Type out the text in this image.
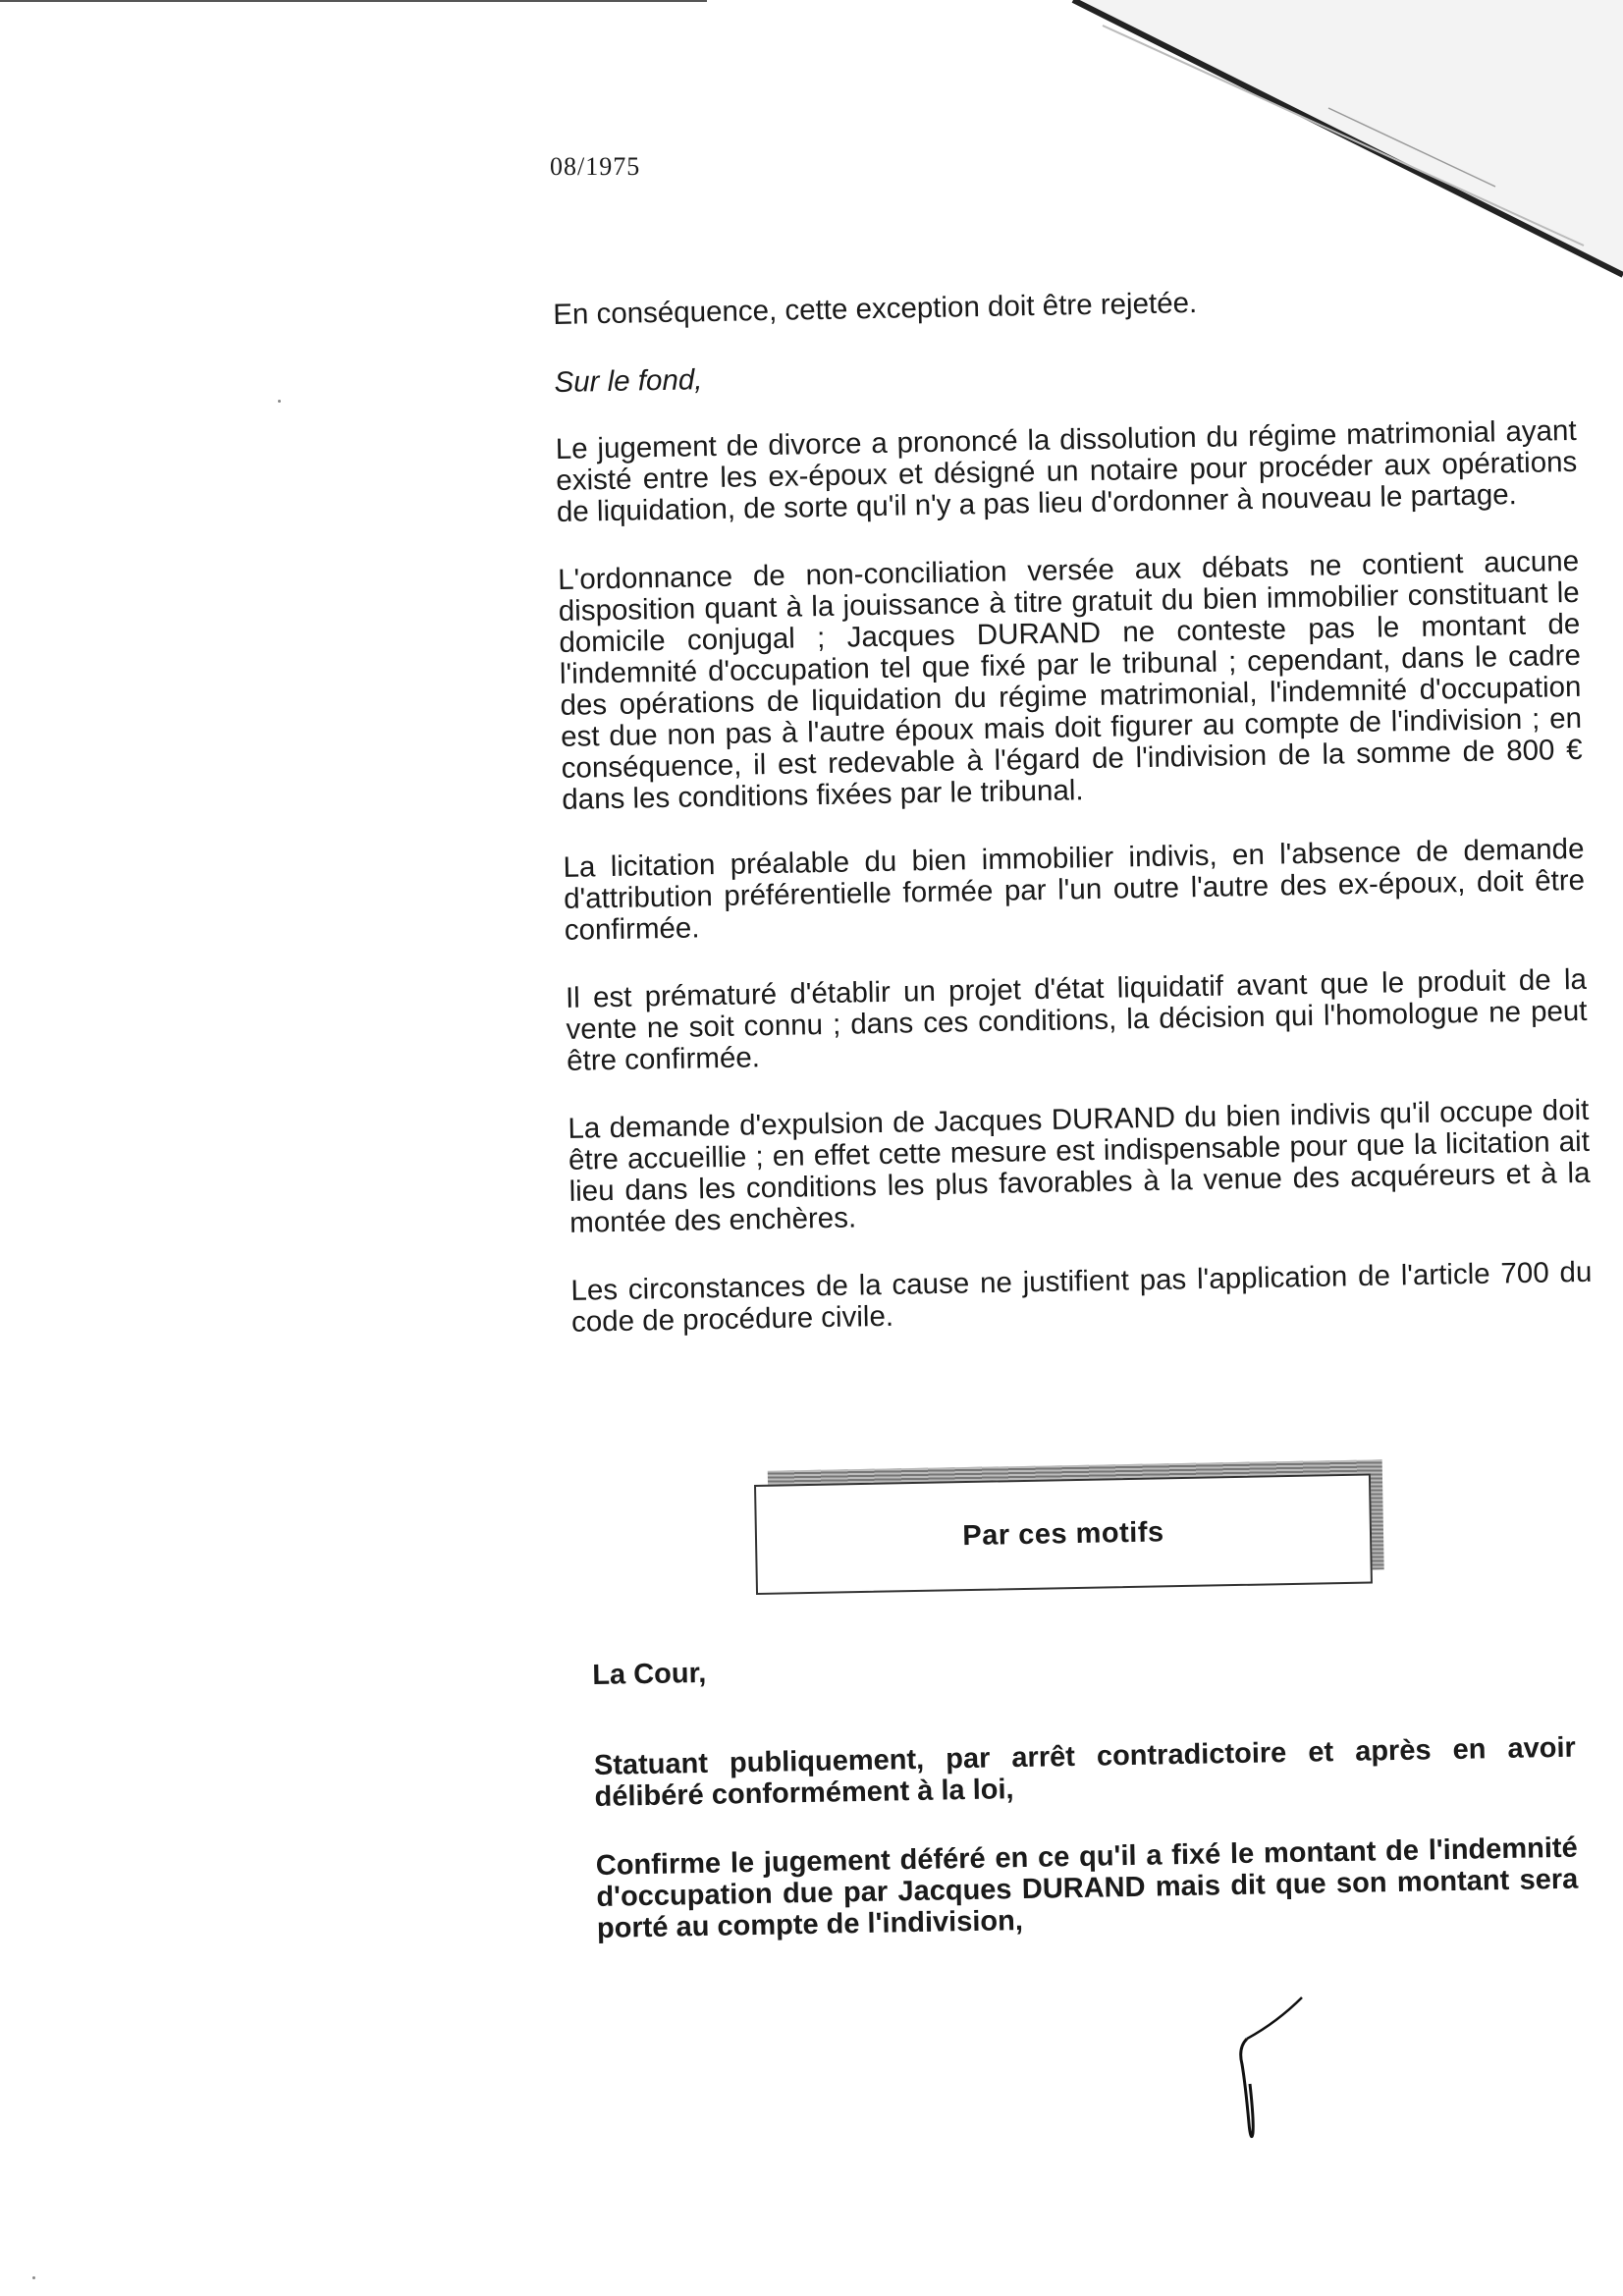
08/1975

En conséquence, cette exception doit être rejetée.

Sur le fond,

Le jugement de divorce a prononcé la dissolution du régime matrimonial ayant existé entre les ex-époux et désigné un notaire pour procéder aux opérations de liquidation, de sorte qu'il n'y a pas lieu d'ordonner à nouveau le partage.

L'ordonnance de non-conciliation versée aux débats ne contient aucune disposition quant à la jouissance à titre gratuit du bien immobilier constituant le domicile conjugal ; Jacques DURAND ne conteste pas le montant de l'indemnité d'occupation tel que fixé par le tribunal ; cependant, dans le cadre des opérations de liquidation du régime matrimonial, l'indemnité d'occupation est due non pas à l'autre époux mais doit figurer au compte de l'indivision ; en conséquence, il est redevable à l'égard de l'indivision de la somme de 800 € dans les conditions fixées par le tribunal.

La licitation préalable du bien immobilier indivis, en l'absence de demande d'attribution préférentielle formée par l'un outre l'autre des ex-époux, doit être confirmée.

Il est prématuré d'établir un projet d'état liquidatif avant que le produit de la vente ne soit connu ; dans ces conditions, la décision qui l'homologue ne peut être confirmée.

La demande d'expulsion de Jacques DURAND du bien indivis qu'il occupe doit être accueillie ; en effet cette mesure est indispensable pour que la licitation ait lieu dans les conditions les plus favorables à la venue des acquéreurs et à la montée des enchères.

Les circonstances de la cause ne justifient pas l'application de l'article 700 du code de procédure civile.

Par ces motifs

La Cour,

Statuant publiquement, par arrêt contradictoire et après en avoir délibéré conformément à la loi,

Confirme le jugement déféré en ce qu'il a fixé le montant de l'indemnité d'occupation due par Jacques DURAND mais dit que son montant sera porté au compte de l'indivision,
